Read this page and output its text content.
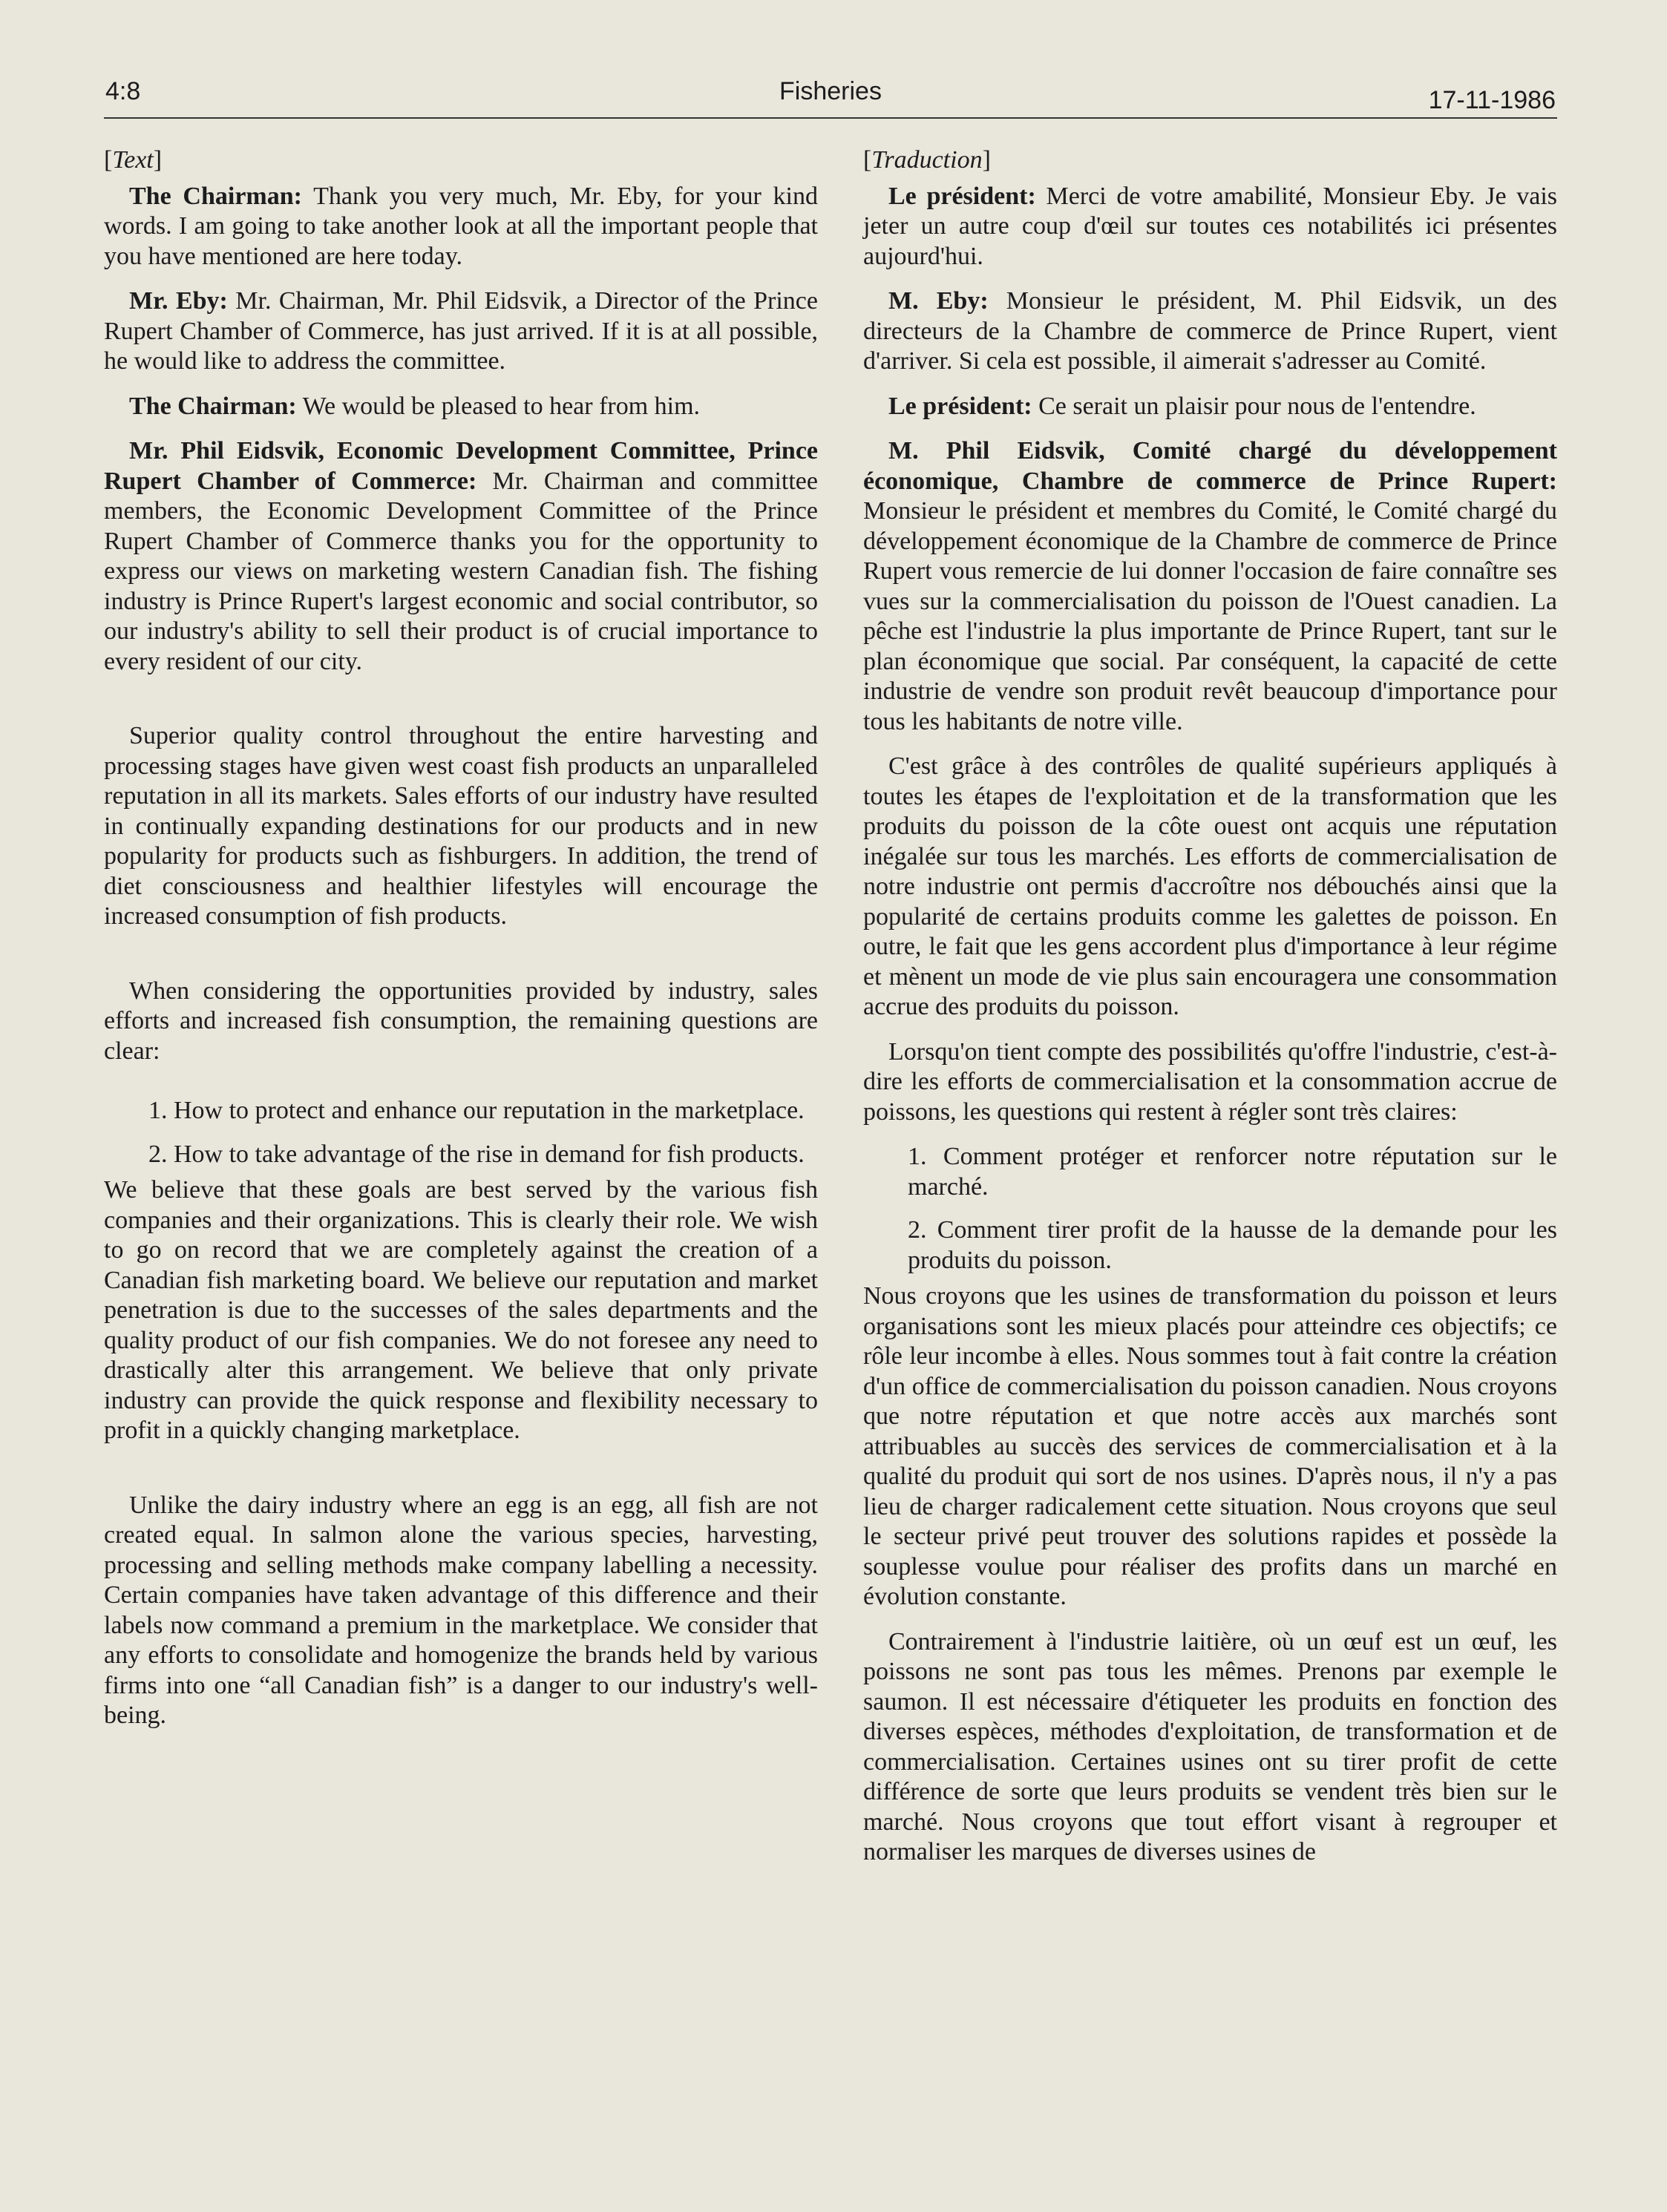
4:8	Fisheries	17-11-1986

[Text]

The Chairman: Thank you very much, Mr. Eby, for your kind words. I am going to take another look at all the important people that you have mentioned are here today.

Mr. Eby: Mr. Chairman, Mr. Phil Eidsvik, a Director of the Prince Rupert Chamber of Commerce, has just arrived. If it is at all possible, he would like to address the committee.

The Chairman: We would be pleased to hear from him.

Mr. Phil Eidsvik, Economic Development Committee, Prince Rupert Chamber of Commerce: Mr. Chairman and committee members, the Economic Development Committee of the Prince Rupert Chamber of Commerce thanks you for the opportunity to express our views on marketing western Canadian fish. The fishing industry is Prince Rupert's largest economic and social contributor, so our industry's ability to sell their product is of crucial importance to every resident of our city.

Superior quality control throughout the entire harvesting and processing stages have given west coast fish products an unparalleled reputation in all its markets. Sales efforts of our industry have resulted in continually expanding destinations for our products and in new popularity for products such as fishburgers. In addition, the trend of diet consciousness and healthier lifestyles will encourage the increased consumption of fish products.

When considering the opportunities provided by industry, sales efforts and increased fish consumption, the remaining questions are clear:

1. How to protect and enhance our reputation in the marketplace.

2. How to take advantage of the rise in demand for fish products.

We believe that these goals are best served by the various fish companies and their organizations. This is clearly their role. We wish to go on record that we are completely against the creation of a Canadian fish marketing board. We believe our reputation and market penetration is due to the successes of the sales departments and the quality product of our fish companies. We do not foresee any need to drastically alter this arrangement. We believe that only private industry can provide the quick response and flexibility necessary to profit in a quickly changing marketplace.

Unlike the dairy industry where an egg is an egg, all fish are not created equal. In salmon alone the various species, harvesting, processing and selling methods make company labelling a necessity. Certain companies have taken advantage of this difference and their labels now command a premium in the marketplace. We consider that any efforts to consolidate and homogenize the brands held by various firms into one “all Canadian fish” is a danger to our industry's well-being.

[Traduction]

Le président: Merci de votre amabilité, Monsieur Eby. Je vais jeter un autre coup d'œil sur toutes ces notabilités ici présentes aujourd'hui.

M. Eby: Monsieur le président, M. Phil Eidsvik, un des directeurs de la Chambre de commerce de Prince Rupert, vient d'arriver. Si cela est possible, il aimerait s'adresser au Comité.

Le président: Ce serait un plaisir pour nous de l'entendre.

M. Phil Eidsvik, Comité chargé du développement économique, Chambre de commerce de Prince Rupert: Monsieur le président et membres du Comité, le Comité chargé du développement économique de la Chambre de commerce de Prince Rupert vous remercie de lui donner l'occasion de faire connaître ses vues sur la commercialisation du poisson de l'Ouest canadien. La pêche est l'industrie la plus importante de Prince Rupert, tant sur le plan économique que social. Par conséquent, la capacité de cette industrie de vendre son produit revêt beaucoup d'importance pour tous les habitants de notre ville.

C'est grâce à des contrôles de qualité supérieurs appliqués à toutes les étapes de l'exploitation et de la transformation que les produits du poisson de la côte ouest ont acquis une réputation inégalée sur tous les marchés. Les efforts de commercialisation de notre industrie ont permis d'accroître nos débouchés ainsi que la popularité de certains produits comme les galettes de poisson. En outre, le fait que les gens accordent plus d'importance à leur régime et mènent un mode de vie plus sain encouragera une consommation accrue des produits du poisson.

Lorsqu'on tient compte des possibilités qu'offre l'industrie, c'est-à-dire les efforts de commercialisation et la consommation accrue de poissons, les questions qui restent à régler sont très claires:

1. Comment protéger et renforcer notre réputation sur le marché.

2. Comment tirer profit de la hausse de la demande pour les produits du poisson.

Nous croyons que les usines de transformation du poisson et leurs organisations sont les mieux placés pour atteindre ces objectifs; ce rôle leur incombe à elles. Nous sommes tout à fait contre la création d'un office de commercialisation du poisson canadien. Nous croyons que notre réputation et que notre accès aux marchés sont attribuables au succès des services de commercialisation et à la qualité du produit qui sort de nos usines. D'après nous, il n'y a pas lieu de charger radicalement cette situation. Nous croyons que seul le secteur privé peut trouver des solutions rapides et possède la souplesse voulue pour réaliser des profits dans un marché en évolution constante.

Contrairement à l'industrie laitière, où un œuf est un œuf, les poissons ne sont pas tous les mêmes. Prenons par exemple le saumon. Il est nécessaire d'étiqueter les produits en fonction des diverses espèces, méthodes d'exploitation, de transformation et de commercialisation. Certaines usines ont su tirer profit de cette différence de sorte que leurs produits se vendent très bien sur le marché. Nous croyons que tout effort visant à regrouper et normaliser les marques de diverses usines de
